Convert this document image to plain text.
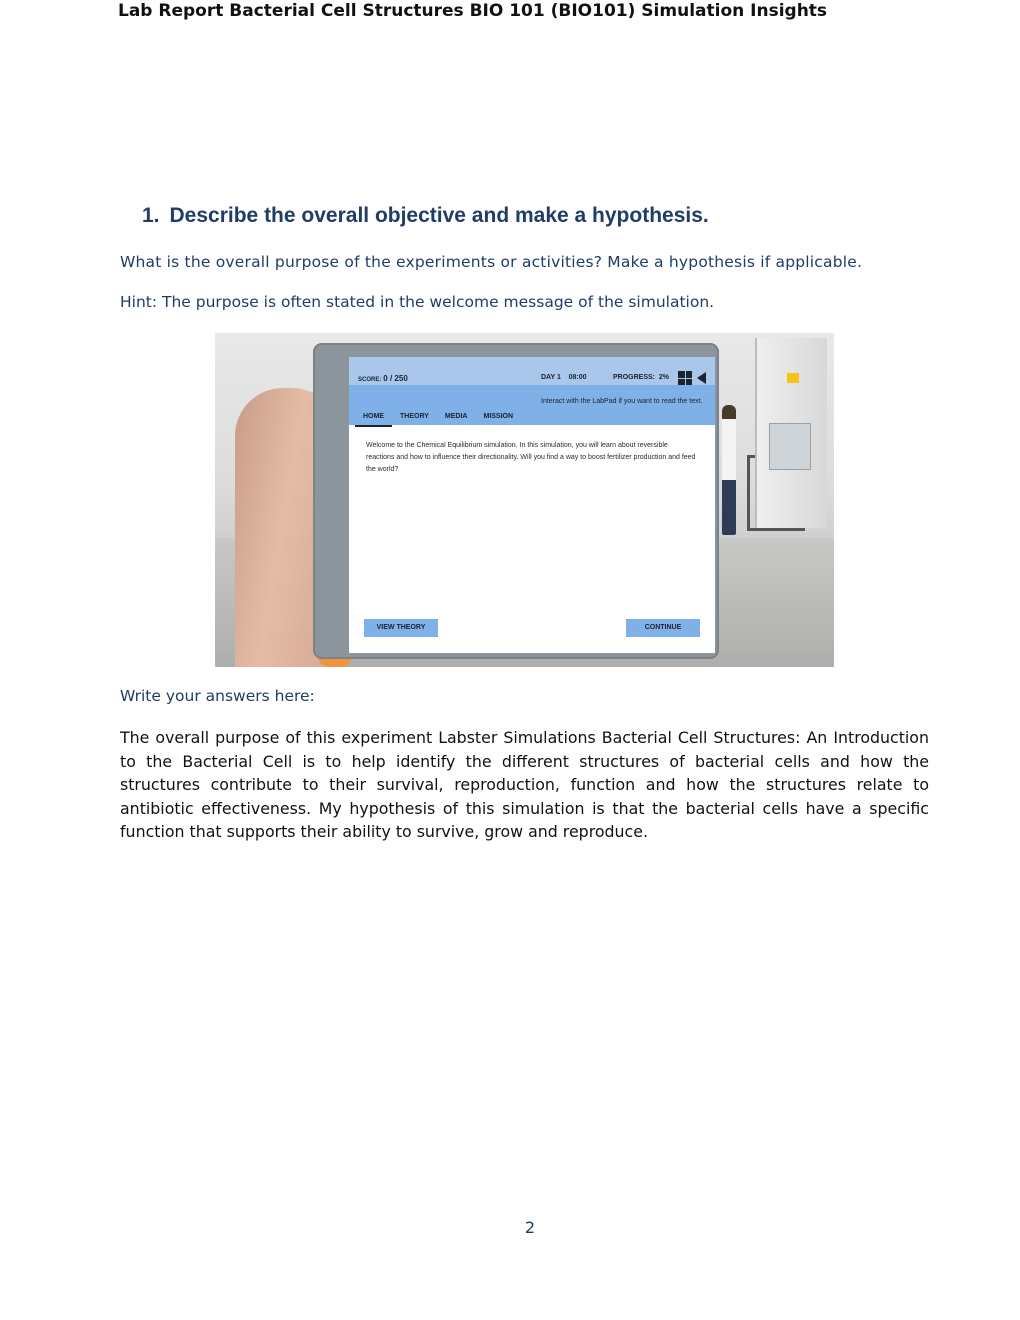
Lab Report Bacterial Cell Structures BIO 101 (BIO101) Simulation Insights
1. Describe the overall objective and make a hypothesis.
What is the overall purpose of the experiments or activities? Make a hypothesis if applicable.
Hint: The purpose is often stated in the welcome message of the simulation.
SCORE: 0 / 250	DAY 1 08:00	PROGRESS: 2%
Interact with the LabPad if you want to read the text.
HOME	THEORY	MEDIA	MISSION
Welcome to the Chemical Equilibrium simulation. In this simulation, you will learn about reversible reactions and how to influence their directionality. Will you find a way to boost fertilizer production and feed the world?
VIEW THEORY	CONTINUE
Write your answers here:
The overall purpose of this experiment Labster Simulations Bacterial Cell Structures: An Introduction to the Bacterial Cell is to help identify the different structures of bacterial cells and how the structures contribute to their survival, reproduction, function and how the structures relate to antibiotic effectiveness. My hypothesis of this simulation is that the bacterial cells have a specific function that supports their ability to survive, grow and reproduce.
2
